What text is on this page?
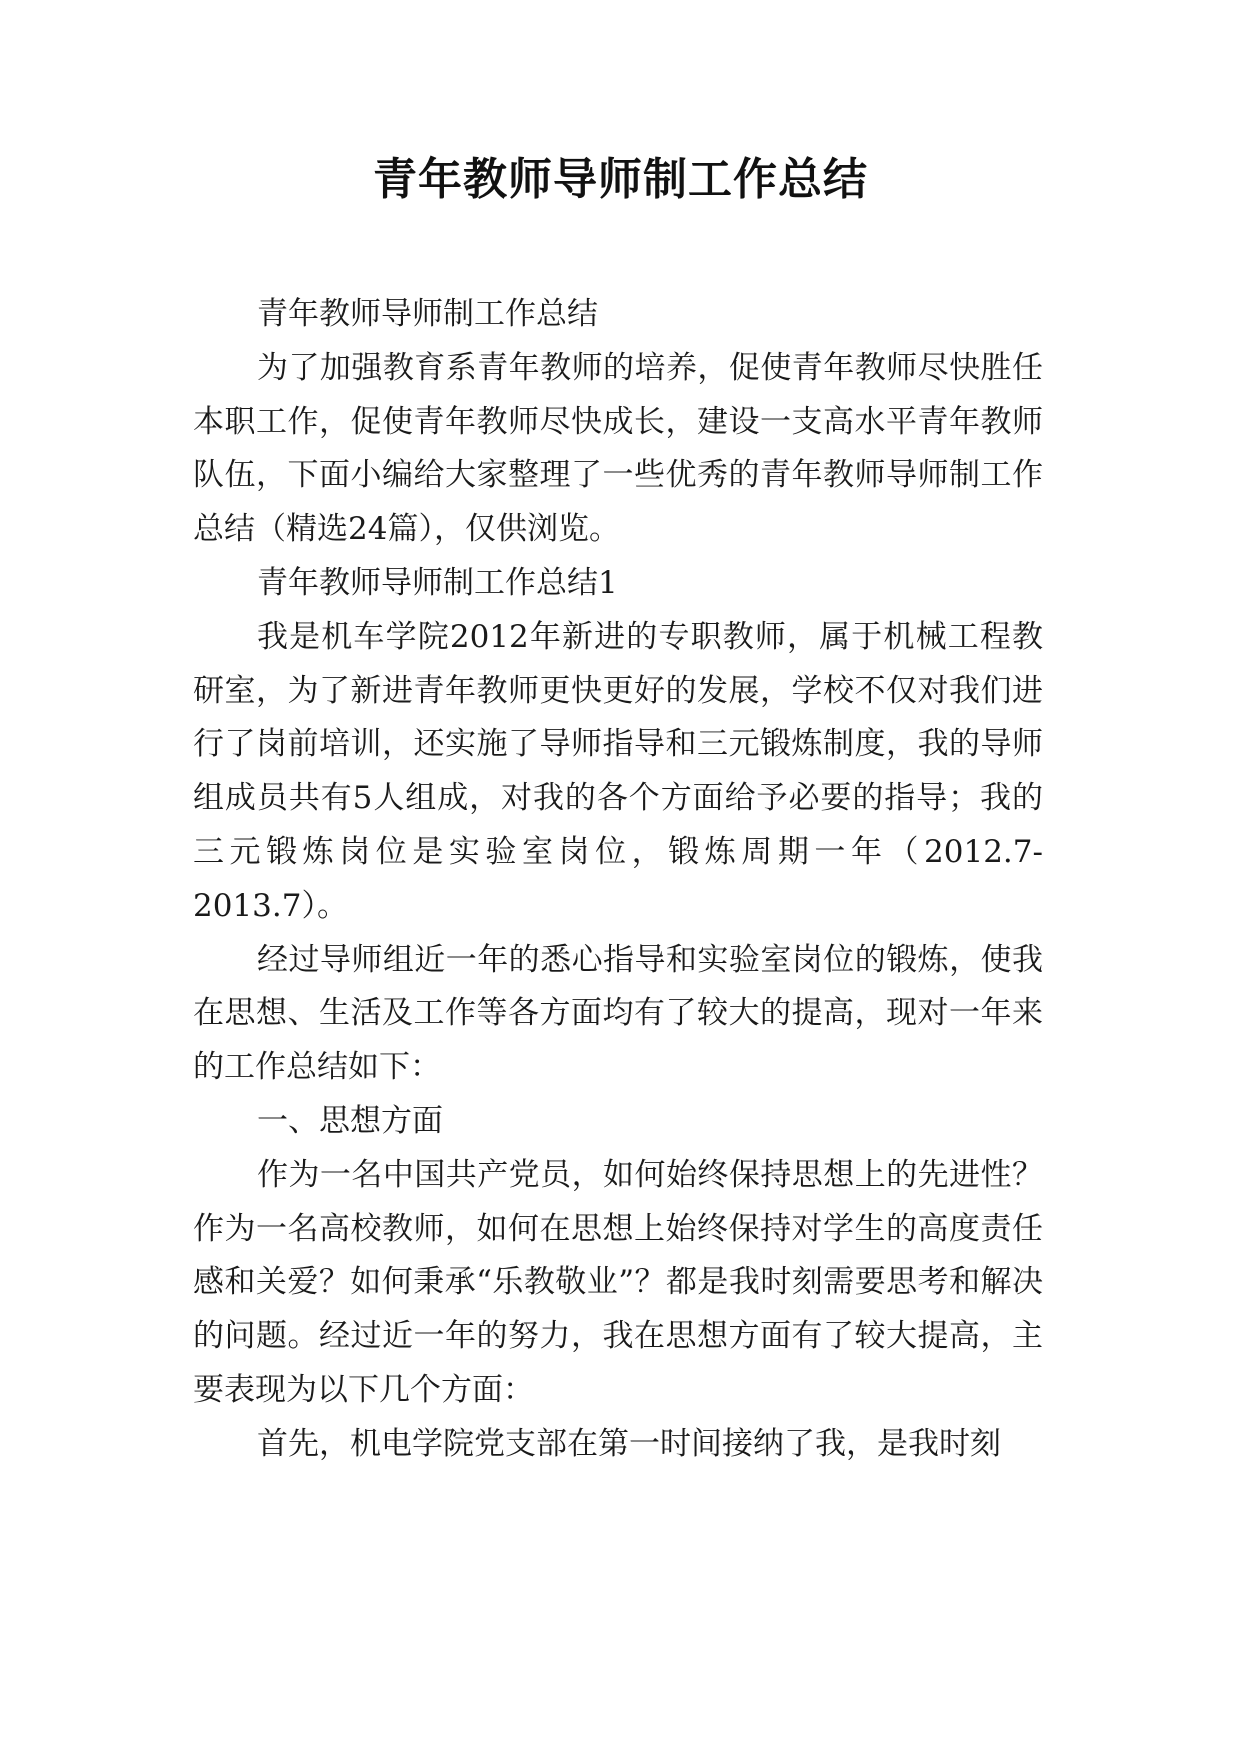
青年教师导师制工作总结

青年教师导师制工作总结

为了加强教育系青年教师的培养，促使青年教师尽快胜任本职工作，促使青年教师尽快成长，建设一支高水平青年教师队伍，下面小编给大家整理了一些优秀的青年教师导师制工作总结（精选24篇），仅供浏览。

青年教师导师制工作总结1

我是机车学院2012年新进的专职教师，属于机械工程教研室，为了新进青年教师更快更好的发展，学校不仅对我们进行了岗前培训，还实施了导师指导和三元锻炼制度，我的导师组成员共有5人组成，对我的各个方面给予必要的指导；我的三元锻炼岗位是实验室岗位，锻炼周期一年（2012.7-2013.7）。

经过导师组近一年的悉心指导和实验室岗位的锻炼，使我在思想、生活及工作等各方面均有了较大的提高，现对一年来的工作总结如下：

一、思想方面

作为一名中国共产党员，如何始终保持思想上的先进性？作为一名高校教师，如何在思想上始终保持对学生的高度责任感和关爱？如何秉承“乐教敬业”？都是我时刻需要思考和解决的问题。经过近一年的努力，我在思想方面有了较大提高，主要表现为以下几个方面：

首先，机电学院党支部在第一时间接纳了我，是我时刻
